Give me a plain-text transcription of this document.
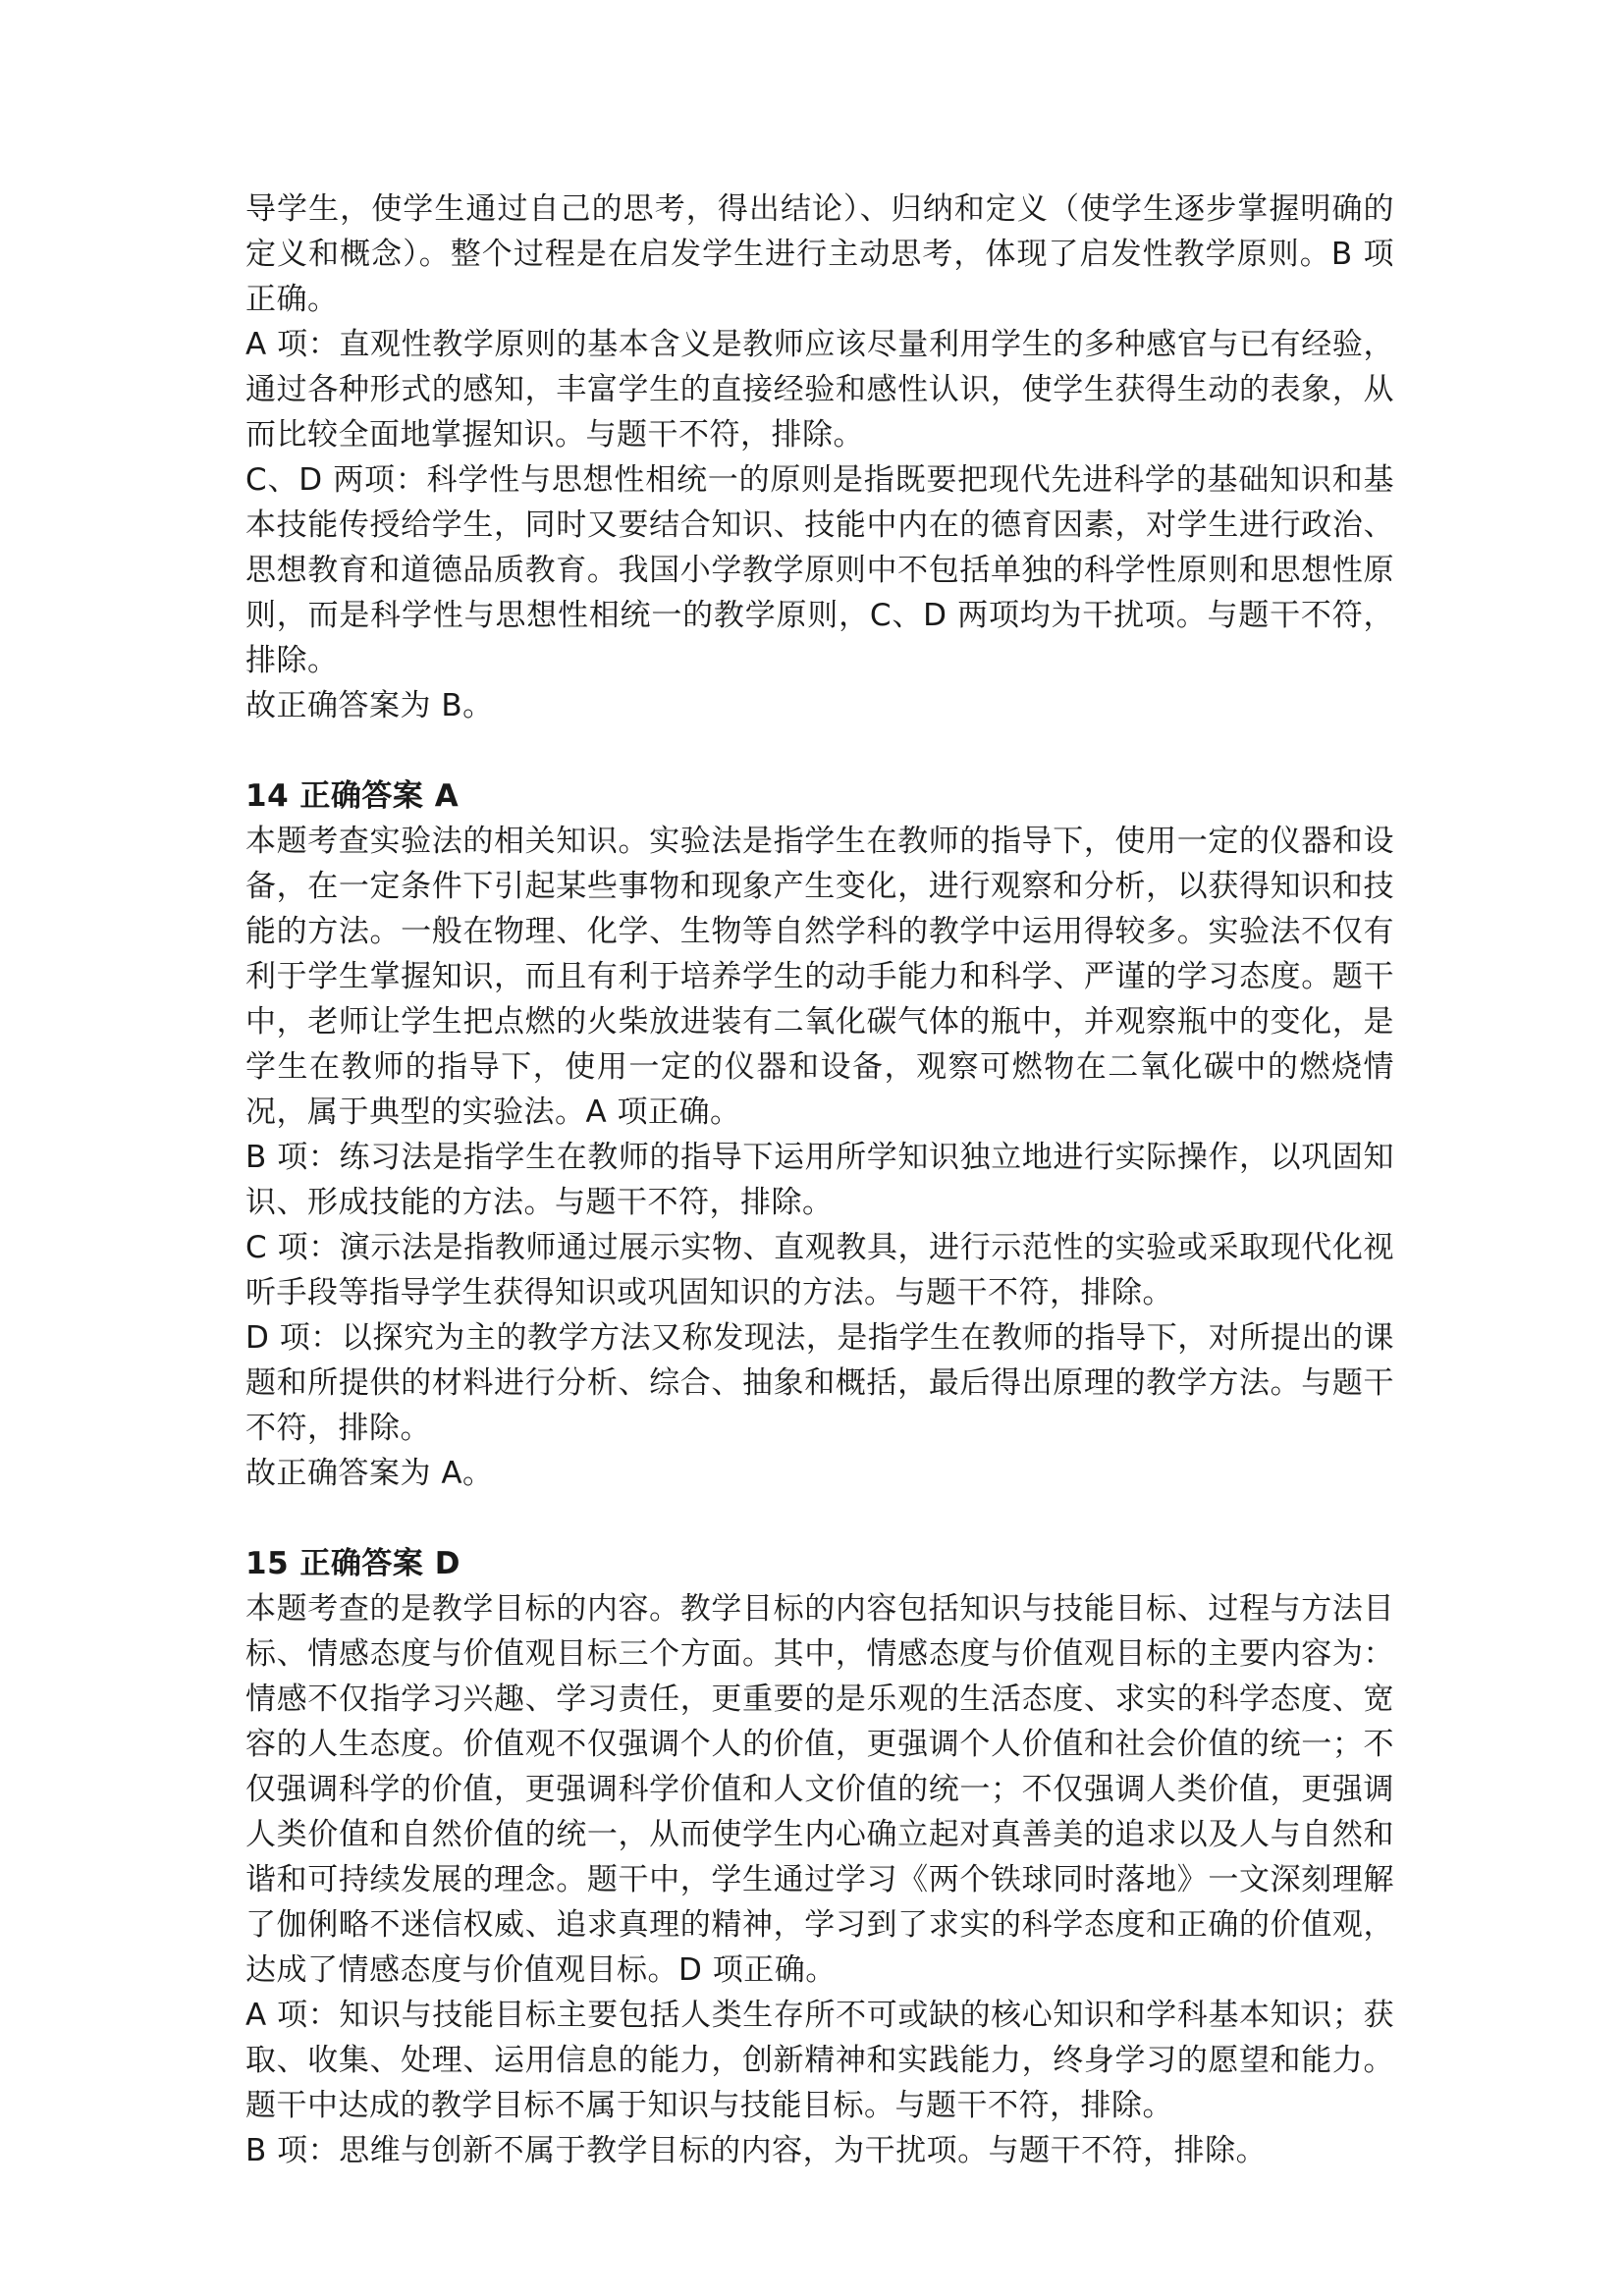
导学生，使学生通过自己的思考，得出结论）、归纳和定义（使学生逐步掌握明确的定义和概念）。整个过程是在启发学生进行主动思考，体现了启发性教学原则。B 项正确。

A 项：直观性教学原则的基本含义是教师应该尽量利用学生的多种感官与已有经验，通过各种形式的感知，丰富学生的直接经验和感性认识，使学生获得生动的表象，从而比较全面地掌握知识。与题干不符，排除。

C、D 两项：科学性与思想性相统一的原则是指既要把现代先进科学的基础知识和基本技能传授给学生，同时又要结合知识、技能中内在的德育因素，对学生进行政治、思想教育和道德品质教育。我国小学教学原则中不包括单独的科学性原则和思想性原则，而是科学性与思想性相统一的教学原则，C、D 两项均为干扰项。与题干不符，排除。

故正确答案为 B。

14 正确答案 A

本题考查实验法的相关知识。实验法是指学生在教师的指导下，使用一定的仪器和设备，在一定条件下引起某些事物和现象产生变化，进行观察和分析，以获得知识和技能的方法。一般在物理、化学、生物等自然学科的教学中运用得较多。实验法不仅有利于学生掌握知识，而且有利于培养学生的动手能力和科学、严谨的学习态度。题干中，老师让学生把点燃的火柴放进装有二氧化碳气体的瓶中，并观察瓶中的变化，是学生在教师的指导下，使用一定的仪器和设备，观察可燃物在二氧化碳中的燃烧情况，属于典型的实验法。A 项正确。

B 项：练习法是指学生在教师的指导下运用所学知识独立地进行实际操作，以巩固知识、形成技能的方法。与题干不符，排除。

C 项：演示法是指教师通过展示实物、直观教具，进行示范性的实验或采取现代化视听手段等指导学生获得知识或巩固知识的方法。与题干不符，排除。

D 项：以探究为主的教学方法又称发现法，是指学生在教师的指导下，对所提出的课题和所提供的材料进行分析、综合、抽象和概括，最后得出原理的教学方法。与题干不符，排除。

故正确答案为 A。

15 正确答案 D

本题考查的是教学目标的内容。教学目标的内容包括知识与技能目标、过程与方法目标、情感态度与价值观目标三个方面。其中，情感态度与价值观目标的主要内容为：情感不仅指学习兴趣、学习责任，更重要的是乐观的生活态度、求实的科学态度、宽容的人生态度。价值观不仅强调个人的价值，更强调个人价值和社会价值的统一；不仅强调科学的价值，更强调科学价值和人文价值的统一；不仅强调人类价值，更强调人类价值和自然价值的统一，从而使学生内心确立起对真善美的追求以及人与自然和谐和可持续发展的理念。题干中，学生通过学习《两个铁球同时落地》一文深刻理解了伽俐略不迷信权威、追求真理的精神，学习到了求实的科学态度和正确的价值观，达成了情感态度与价值观目标。D 项正确。

A 项：知识与技能目标主要包括人类生存所不可或缺的核心知识和学科基本知识；获取、收集、处理、运用信息的能力，创新精神和实践能力，终身学习的愿望和能力。题干中达成的教学目标不属于知识与技能目标。与题干不符，排除。

B 项：思维与创新不属于教学目标的内容，为干扰项。与题干不符，排除。
